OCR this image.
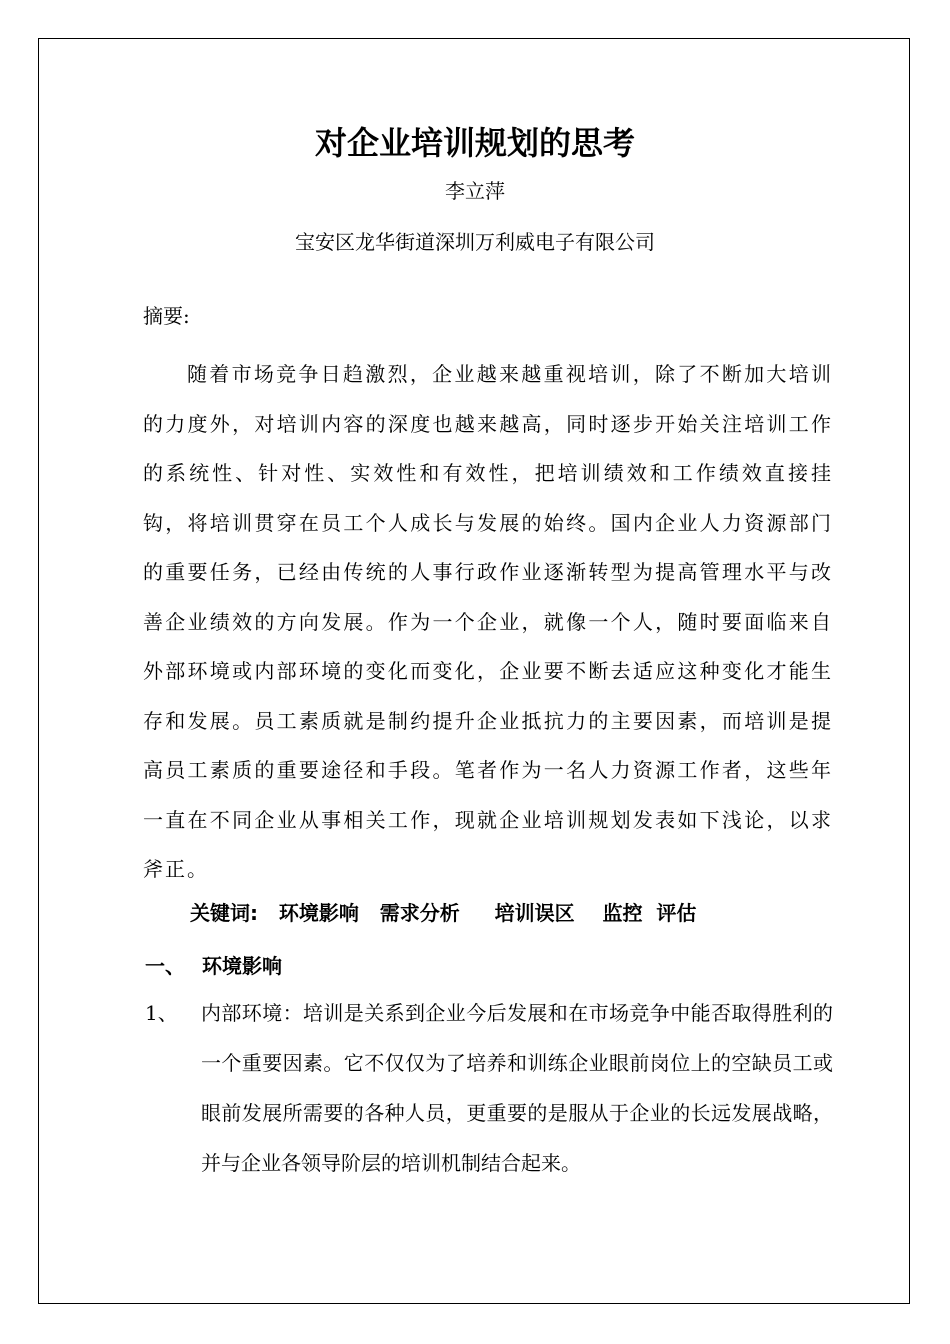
对企业培训规划的思考
李立萍
宝安区龙华街道深圳万利威电子有限公司
摘要:

随着市场竞争日趋激烈，企业越来越重视培训，除了不断加大培训的力度外，对培训内容的深度也越来越高，同时逐步开始关注培训工作的系统性、针对性、实效性和有效性，把培训绩效和工作绩效直接挂钩，将培训贯穿在员工个人成长与发展的始终。国内企业人力资源部门的重要任务，已经由传统的人事行政作业逐渐转型为提高管理水平与改善企业绩效的方向发展。作为一个企业，就像一个人，随时要面临来自外部环境或内部环境的变化而变化，企业要不断去适应这种变化才能生存和发展。员工素质就是制约提升企业抵抗力的主要因素，而培训是提高员工素质的重要途径和手段。笔者作为一名人力资源工作者，这些年一直在不同企业从事相关工作，现就企业培训规划发表如下浅论，以求斧正。

关键词:   环境影响   需求分析     培训误区    监控  评估
一、 环境影响
1、 内部环境：培训是关系到企业今后发展和在市场竞争中能否取得胜利的一个重要因素。它不仅仅为了培养和训练企业眼前岗位上的空缺员工或眼前发展所需要的各种人员，更重要的是服从于企业的长远发展战略，并与企业各领导阶层的培训机制结合起来。
